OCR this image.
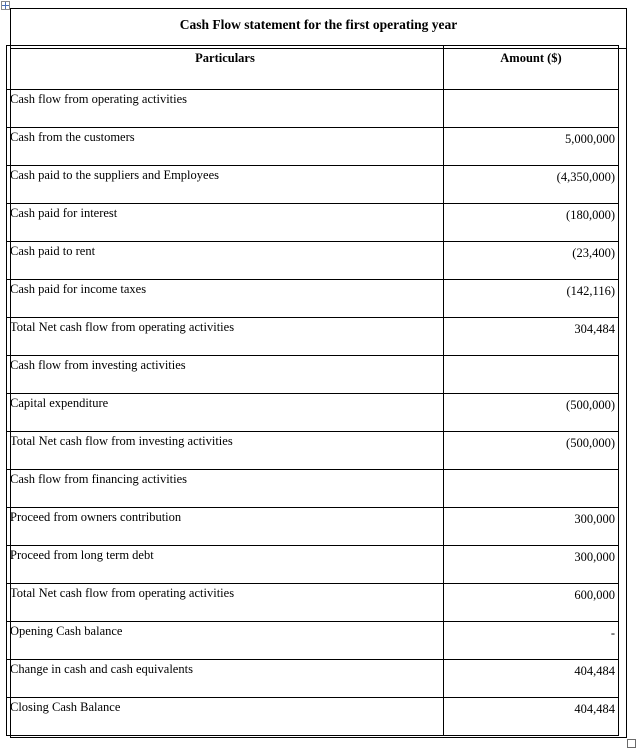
Cash Flow statement for the first operating year
Particulars	Amount ($)
Cash flow from operating activities	
Cash from the customers	5,000,000
Cash paid to the suppliers and Employees	(4,350,000)
Cash paid for interest	(180,000)
Cash paid to rent	(23,400)
Cash paid for income taxes	(142,116)
Total Net cash flow from operating activities	304,484
Cash flow from investing activities	
Capital expenditure	(500,000)
Total Net cash flow from investing activities	(500,000)
Cash flow from financing activities	
Proceed from owners contribution	300,000
Proceed from long term debt	300,000
Total Net cash flow from operating activities	600,000
Opening Cash balance	-
Change in cash and cash equivalents	404,484
Closing Cash Balance	404,484
